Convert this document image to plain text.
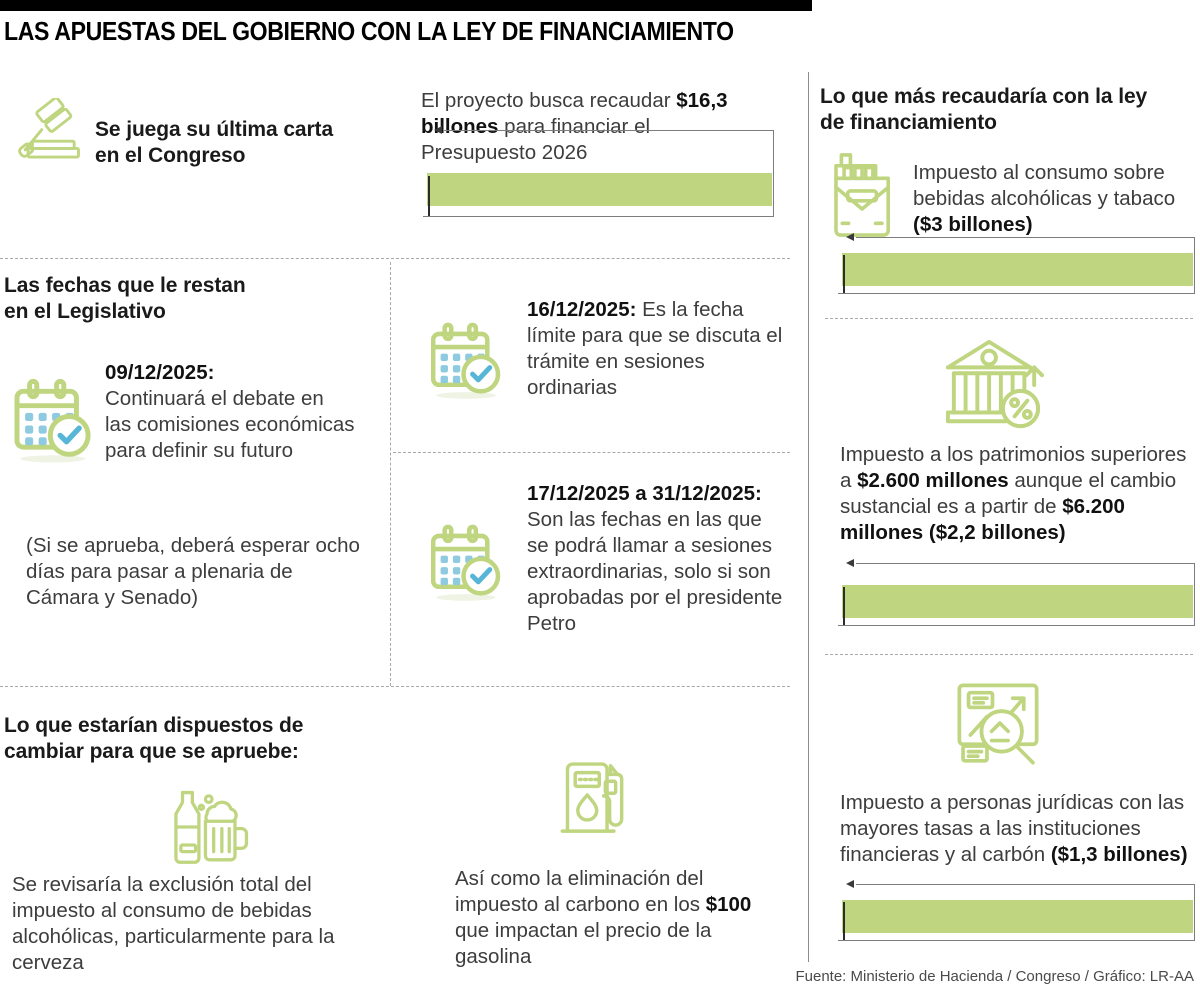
LAS APUESTAS DEL GOBIERNO CON LA LEY DE FINANCIAMIENTO
Se juega su última carta
en el Congreso
Las fechas que le restan
en el Legislativo
09/12/2025:
Continuará el debate en las comisiones económicas para definir su futuro
(Si se aprueba, deberá esperar ocho días para pasar a plenaria de Cámara y Senado)
Lo que estarían dispuestos de
cambiar para que se apruebe:
Se revisaría la exclusión total del impuesto al consumo de bebidas alcohólicas, particularmente para la cerveza
El proyecto busca recaudar $16,3 billones para financiar el Presupuesto 2026
16/12/2025: Es la fecha límite para que se discuta el trámite en sesiones ordinarias
17/12/2025 a 31/12/2025: Son las fechas en las que se podrá llamar a sesiones extraordinarias, solo si son aprobadas por el presidente Petro
Así como la eliminación del impuesto al carbono en los $100 que impactan el precio de la gasolina
Lo que más recaudaría con la ley
de financiamiento
Impuesto al consumo sobre bebidas alcohólicas y tabaco ($3 billones)
Impuesto a los patrimonios superiores a $2.600 millones aunque el cambio sustancial es a partir de $6.200 millones ($2,2 billones)
Impuesto a personas jurídicas con las mayores tasas a las instituciones financieras y al carbón ($1,3 billones)
Fuente: Ministerio de Hacienda / Congreso / Gráfico: LR-AA
